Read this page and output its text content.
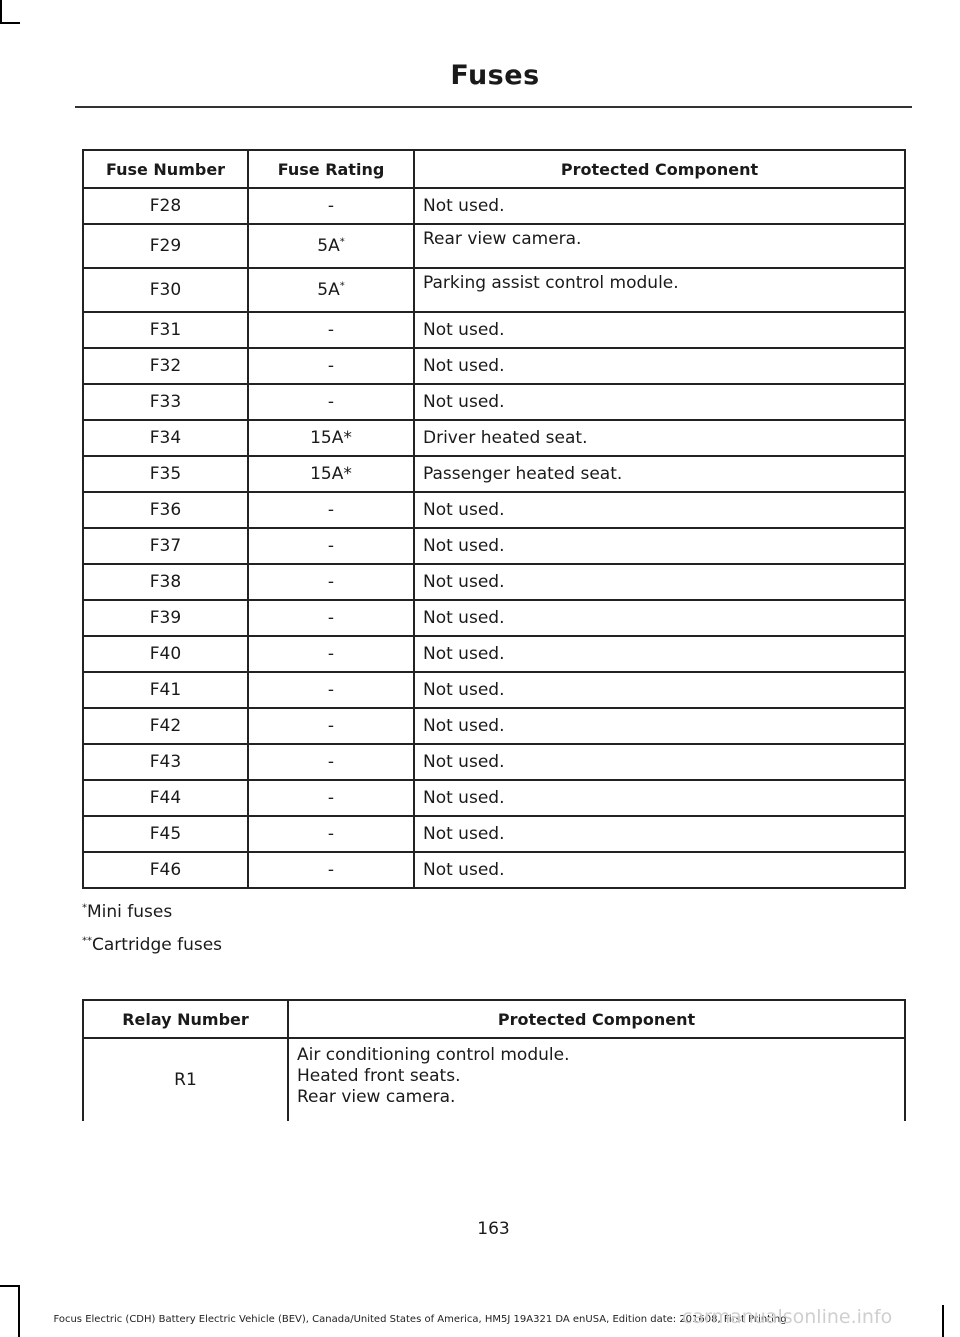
Fuses
Fuse Number	Fuse Rating	Protected Component
F28	-	Not used.
F29	5A*	Rear view camera.
F30	5A*	Parking assist control module.
F31	-	Not used.
F32	-	Not used.
F33	-	Not used.
F34	15A*	Driver heated seat.
F35	15A*	Passenger heated seat.
F36	-	Not used.
F37	-	Not used.
F38	-	Not used.
F39	-	Not used.
F40	-	Not used.
F41	-	Not used.
F42	-	Not used.
F43	-	Not used.
F44	-	Not used.
F45	-	Not used.
F46	-	Not used.
*Mini fuses
**Cartridge fuses
Relay Number	Protected Component
R1	Air conditioning control module.
Heated front seats.
Rear view camera.
163
Focus Electric (CDH) Battery Electric Vehicle (BEV), Canada/United States of America, HM5J 19A321 DA enUSA, Edition date: 201608, First Printing
carmanualsonline.info
